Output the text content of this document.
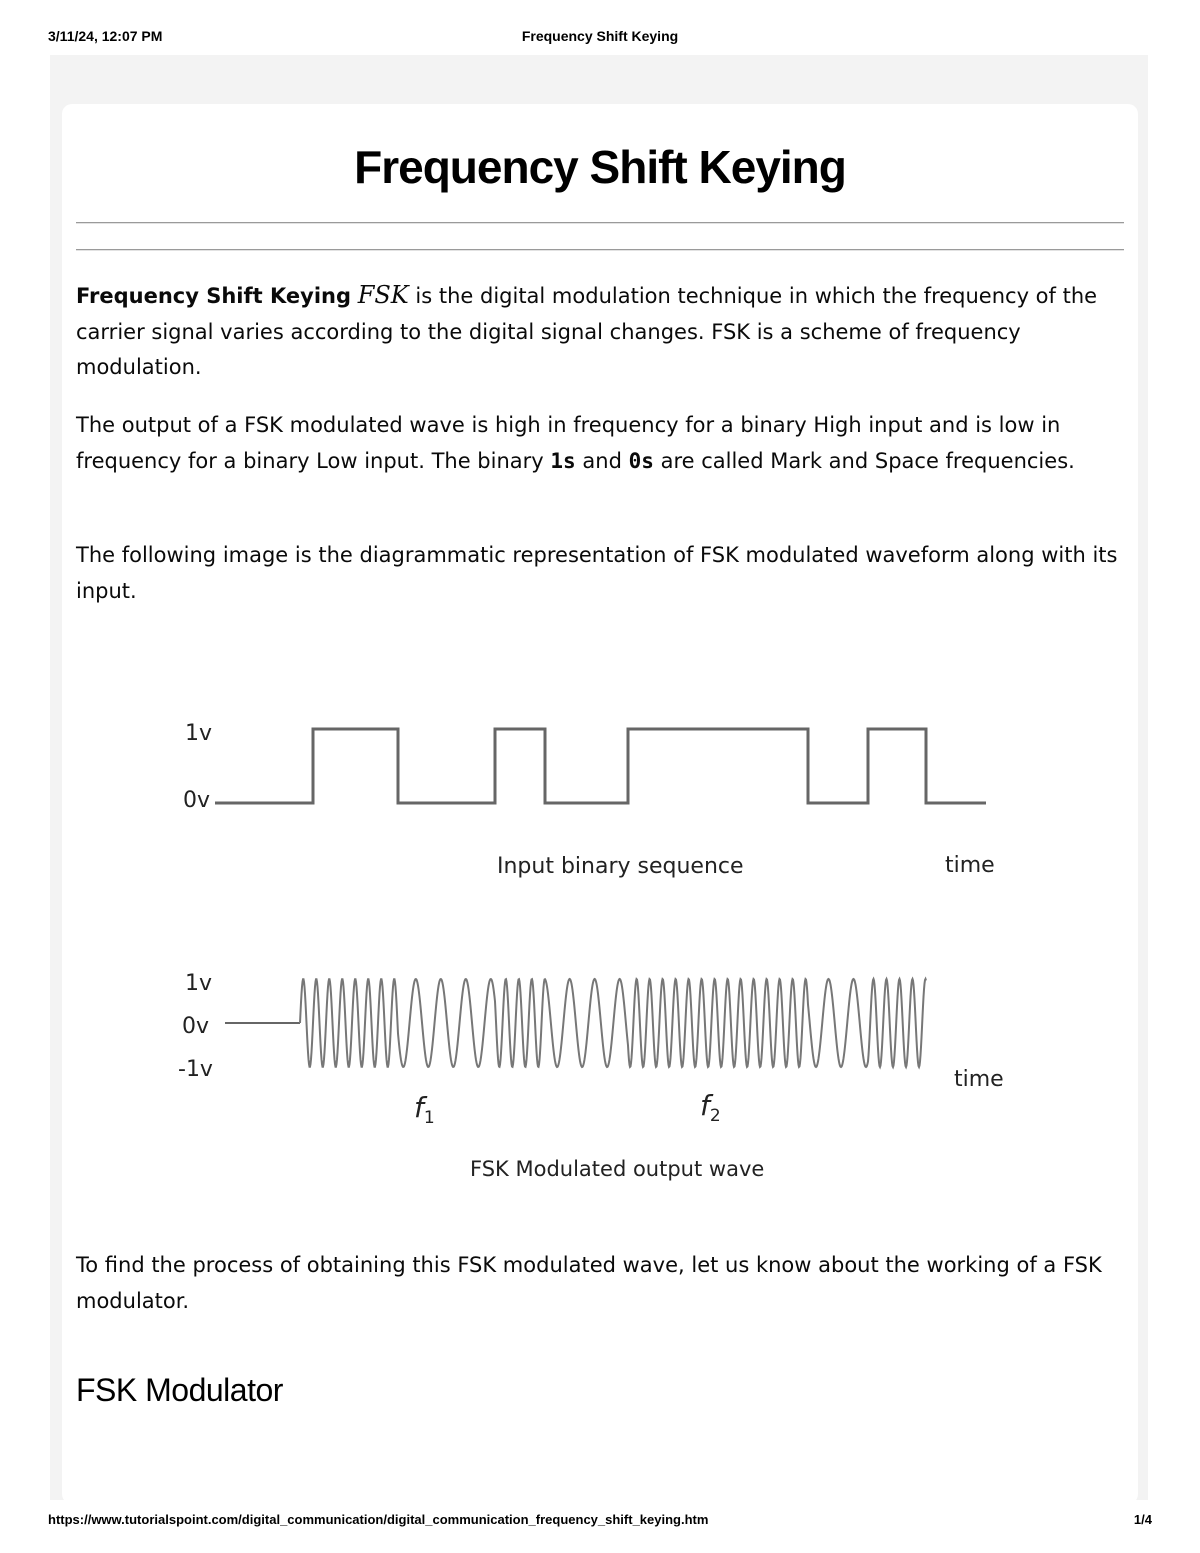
3/11/24, 12:07 PM	Frequency Shift Keying
Frequency Shift Keying

Frequency Shift Keying FSK is the digital modulation technique in which the frequency of the carrier signal varies according to the digital signal changes. FSK is a scheme of frequency modulation.

The output of a FSK modulated wave is high in frequency for a binary High input and is low in frequency for a binary Low input. The binary 1s and 0s are called Mark and Space frequencies.

The following image is the diagrammatic representation of FSK modulated waveform along with its input.

1v
0v
Input binary sequence	time
1v
0v
-1v
$f_1$	$f_2$
time
FSK Modulated output wave

To find the process of obtaining this FSK modulated wave, let us know about the working of a FSK modulator.

FSK Modulator
https://www.tutorialspoint.com/digital_communication/digital_communication_frequency_shift_keying.htm	1/4
